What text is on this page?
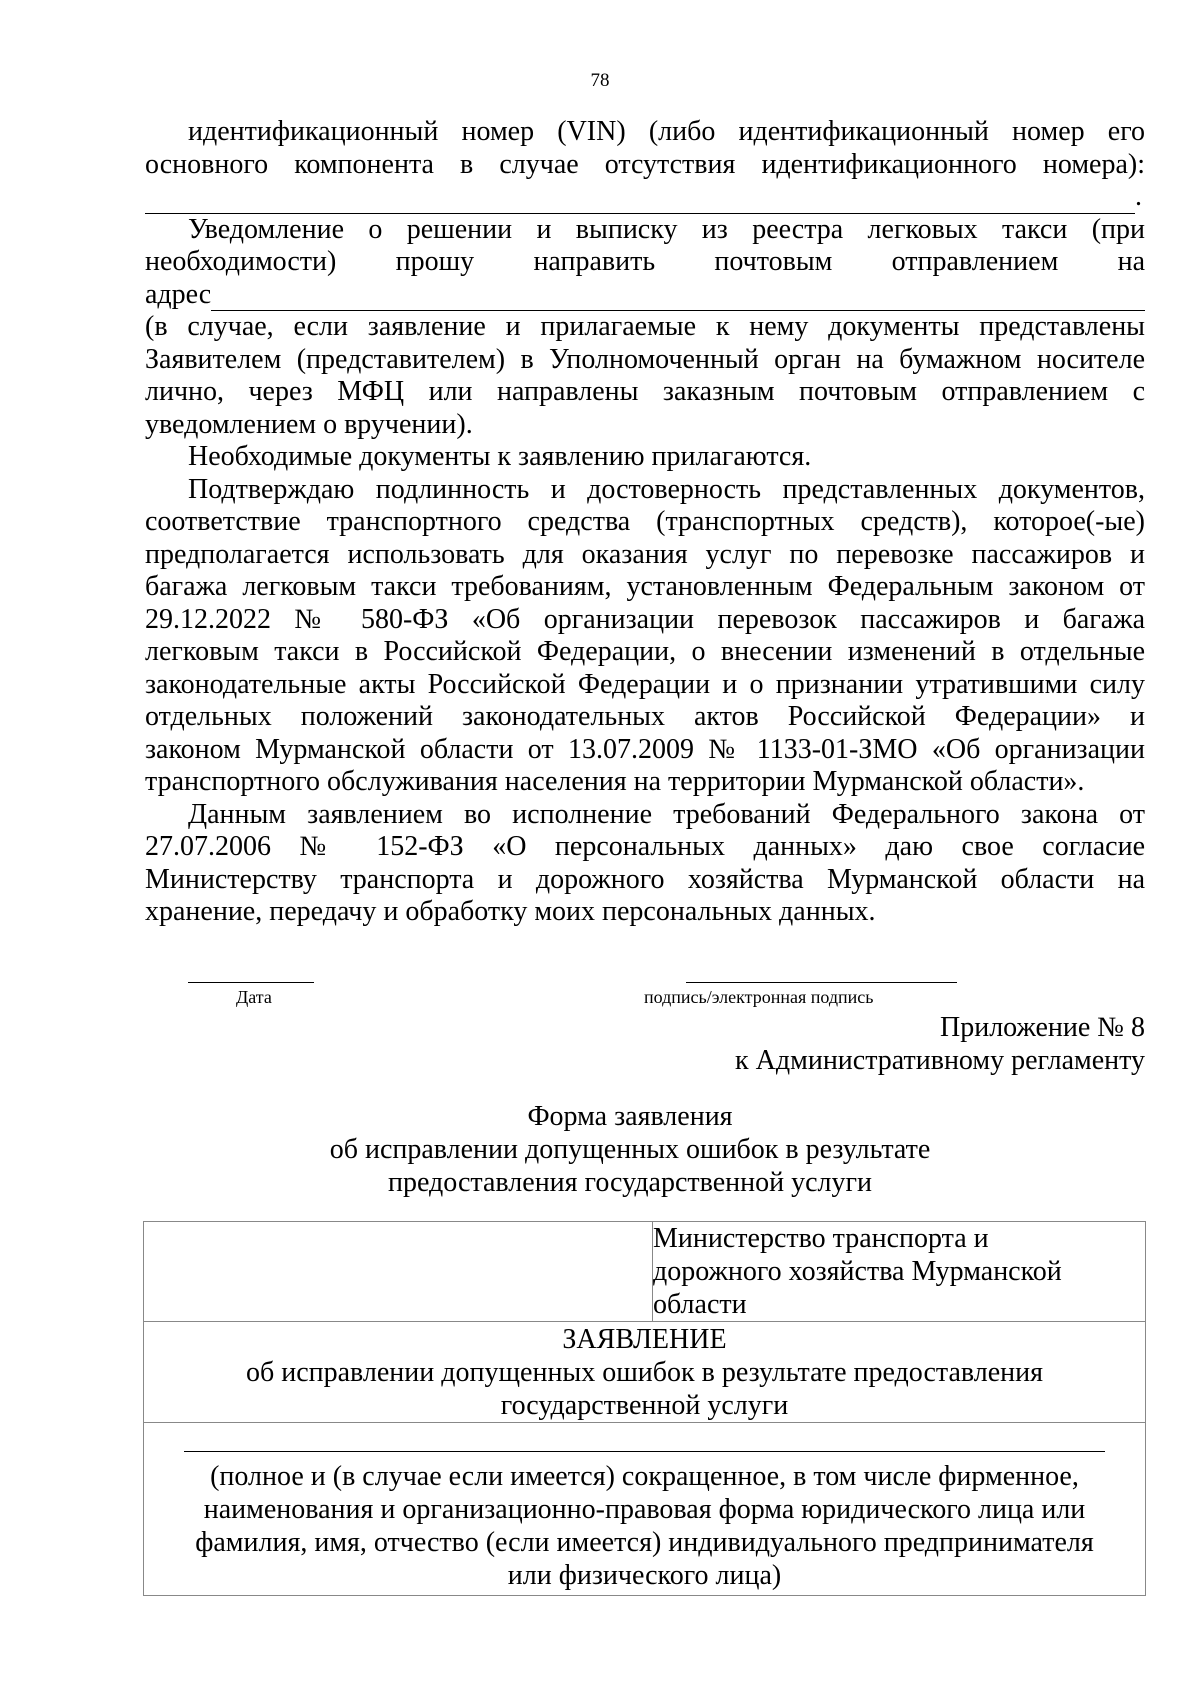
78

идентификационный номер (VIN) (либо идентификационный номер его

основного компонента в случае отсутствия идентификационного номера):

.

Уведомление о решении и выписку из реестра легковых такси (при

необходимости) прошу направить почтовым отправлением на

адрес

(в случае, если заявление и прилагаемые к нему документы представлены

Заявителем (представителем) в Уполномоченный орган на бумажном носителе

лично, через МФЦ или направлены заказным почтовым отправлением с

уведомлением о вручении).

Необходимые документы к заявлению прилагаются.

Подтверждаю подлинность и достоверность представленных документов,

соответствие транспортного средства (транспортных средств), которое(-ые)

предполагается использовать для оказания услуг по перевозке пассажиров и

багажа легковым такси требованиям, установленным Федеральным законом от

29.12.2022 № 580-ФЗ «Об организации перевозок пассажиров и багажа

легковым такси в Российской Федерации, о внесении изменений в отдельные

законодательные акты Российской Федерации и о признании утратившими силу

отдельных положений законодательных актов Российской Федерации» и

законом Мурманской области от 13.07.2009 № 1133-01-ЗМО «Об организации

транспортного обслуживания населения на территории Мурманской области».

Данным заявлением во исполнение требований Федерального закона от

27.07.2006 № 152-ФЗ «О персональных данных» даю свое согласие

Министерству транспорта и дорожного хозяйства Мурманской области на

хранение, передачу и обработку моих персональных данных.

Дата	подпись/электронная подпись
Приложение № 8
к Административному регламенту
Форма заявления
об исправлении допущенных ошибок в результате
предоставления государственной услуги

Министерство транспорта и
дорожного хозяйства Мурманской
области

ЗАЯВЛЕНИЕ
об исправлении допущенных ошибок в результате предоставления
государственной услуги

(полное и (в случае если имеется) сокращенное, в том числе фирменное,
наименования и организационно-правовая форма юридического лица или
фамилия, имя, отчество (если имеется) индивидуального предпринимателя
или физического лица)
